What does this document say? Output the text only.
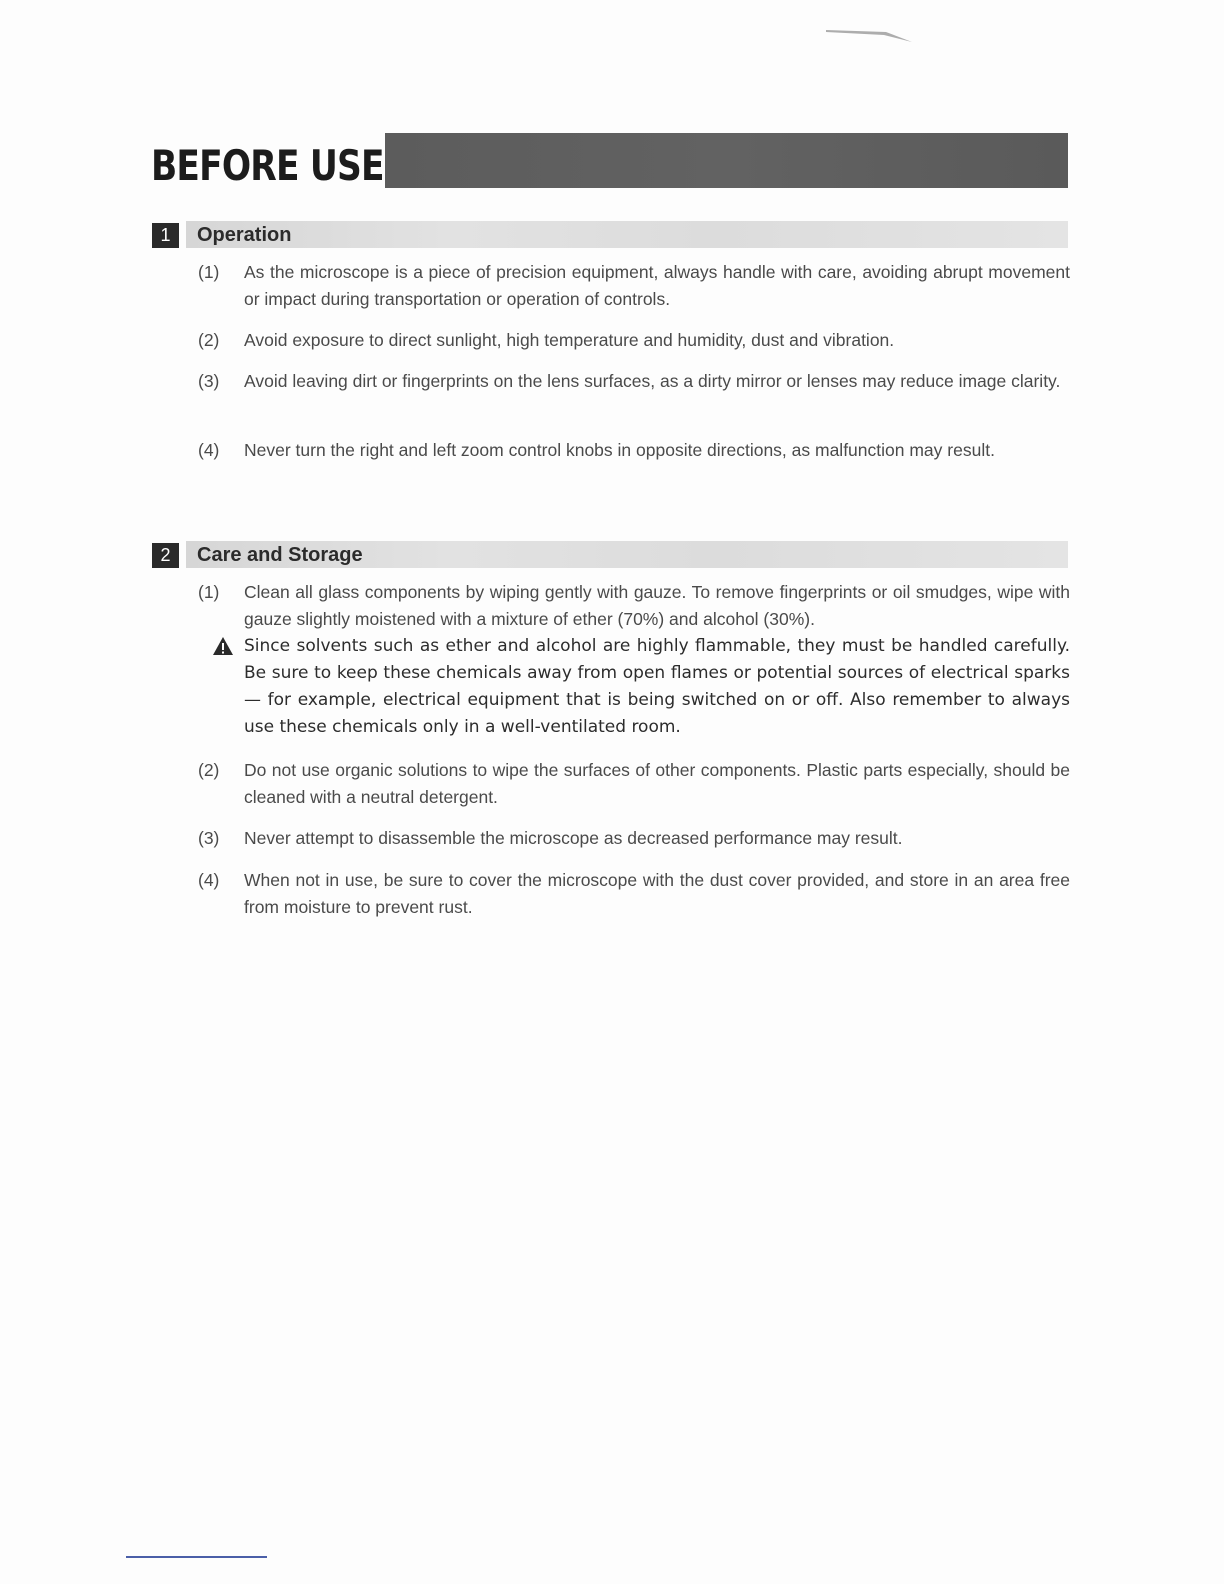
BEFORE USE
1	Operation
(1)	As the microscope is a piece of precision equipment, always handle with care, avoiding abrupt movement or impact during transportation or operation of controls.
(2)	Avoid exposure to direct sunlight, high temperature and humidity, dust and vibration.
(3)	Avoid leaving dirt or fingerprints on the lens surfaces, as a dirty mirror or lenses may reduce image clarity.
(4)	Never turn the right and left zoom control knobs in opposite directions, as malfunction may result.
2	Care and Storage
(1)	Clean all glass components by wiping gently with gauze. To remove fingerprints or oil smudges, wipe with gauze slightly moistened with a mixture of ether (70%) and alcohol (30%).
Since solvents such as ether and alcohol are highly flammable, they must be handled carefully. Be sure to keep these chemicals away from open flames or potential sources of electrical sparks — for example, electrical equipment that is being switched on or off. Also remember to always use these chemicals only in a well-ventilated room.
(2)	Do not use organic solutions to wipe the surfaces of other components. Plastic parts especially, should be cleaned with a neutral detergent.
(3)	Never attempt to disassemble the microscope as decreased performance may result.
(4)	When not in use, be sure to cover the microscope with the dust cover provided, and store in an area free from moisture to prevent rust.
